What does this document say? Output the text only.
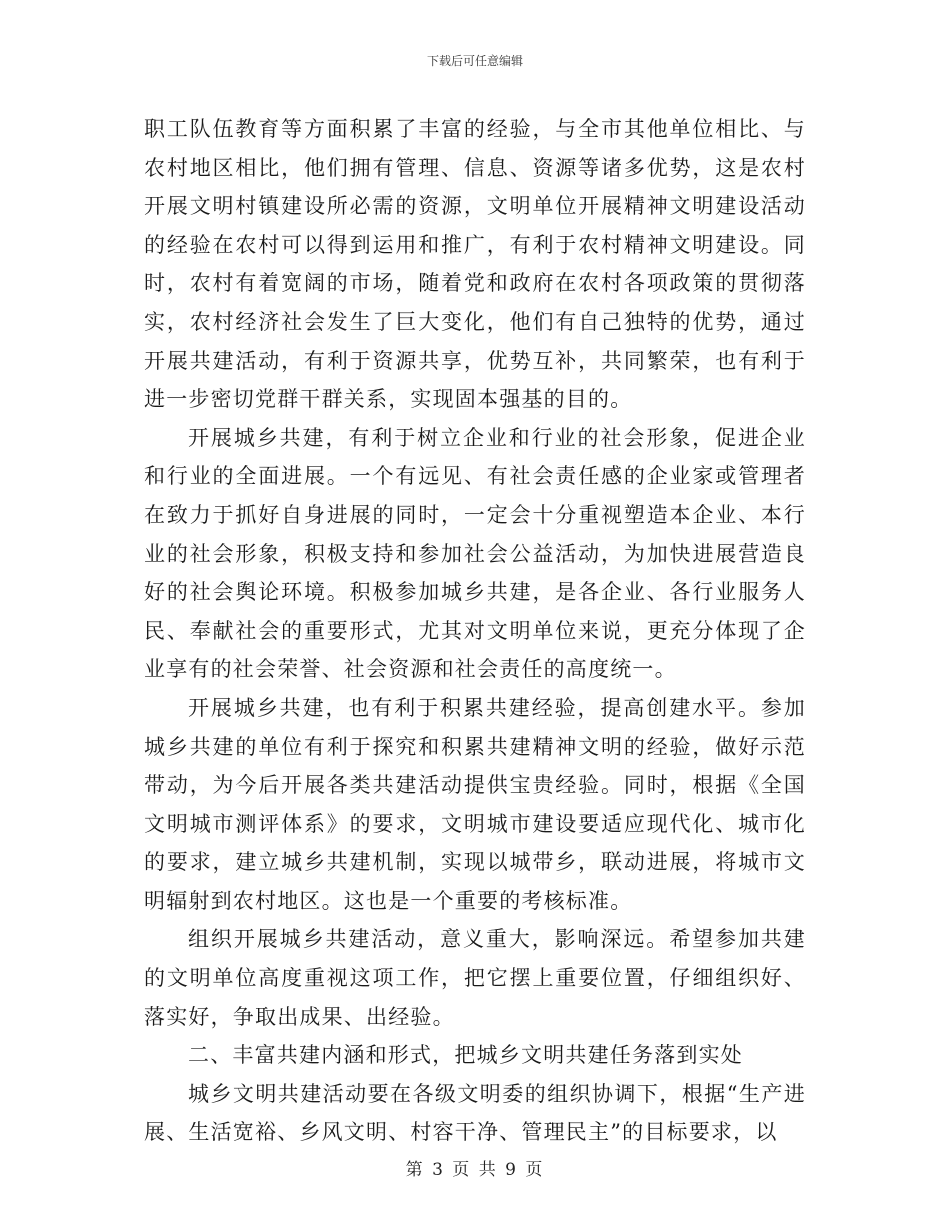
下载后可任意编辑

职工队伍教育等方面积累了丰富的经验，与全市其他单位相比、与农村地区相比，他们拥有管理、信息、资源等诸多优势，这是农村开展文明村镇建设所必需的资源，文明单位开展精神文明建设活动的经验在农村可以得到运用和推广，有利于农村精神文明建设。同时，农村有着宽阔的市场，随着党和政府在农村各项政策的贯彻落实，农村经济社会发生了巨大变化，他们有自己独特的优势，通过开展共建活动，有利于资源共享，优势互补，共同繁荣，也有利于进一步密切党群干群关系，实现固本强基的目的。

开展城乡共建，有利于树立企业和行业的社会形象，促进企业和行业的全面进展。一个有远见、有社会责任感的企业家或管理者在致力于抓好自身进展的同时，一定会十分重视塑造本企业、本行业的社会形象，积极支持和参加社会公益活动，为加快进展营造良好的社会舆论环境。积极参加城乡共建，是各企业、各行业服务人民、奉献社会的重要形式，尤其对文明单位来说，更充分体现了企业享有的社会荣誉、社会资源和社会责任的高度统一。

开展城乡共建，也有利于积累共建经验，提高创建水平。参加城乡共建的单位有利于探究和积累共建精神文明的经验，做好示范带动，为今后开展各类共建活动提供宝贵经验。同时，根据《全国文明城市测评体系》的要求，文明城市建设要适应现代化、城市化的要求，建立城乡共建机制，实现以城带乡，联动进展，将城市文明辐射到农村地区。这也是一个重要的考核标准。

组织开展城乡共建活动，意义重大，影响深远。希望参加共建的文明单位高度重视这项工作，把它摆上重要位置，仔细组织好、落实好，争取出成果、出经验。

二、丰富共建内涵和形式，把城乡文明共建任务落到实处

城乡文明共建活动要在各级文明委的组织协调下，根据“生产进展、生活宽裕、乡风文明、村容干净、管理民主”的目标要求，以

第 3 页 共 9 页
